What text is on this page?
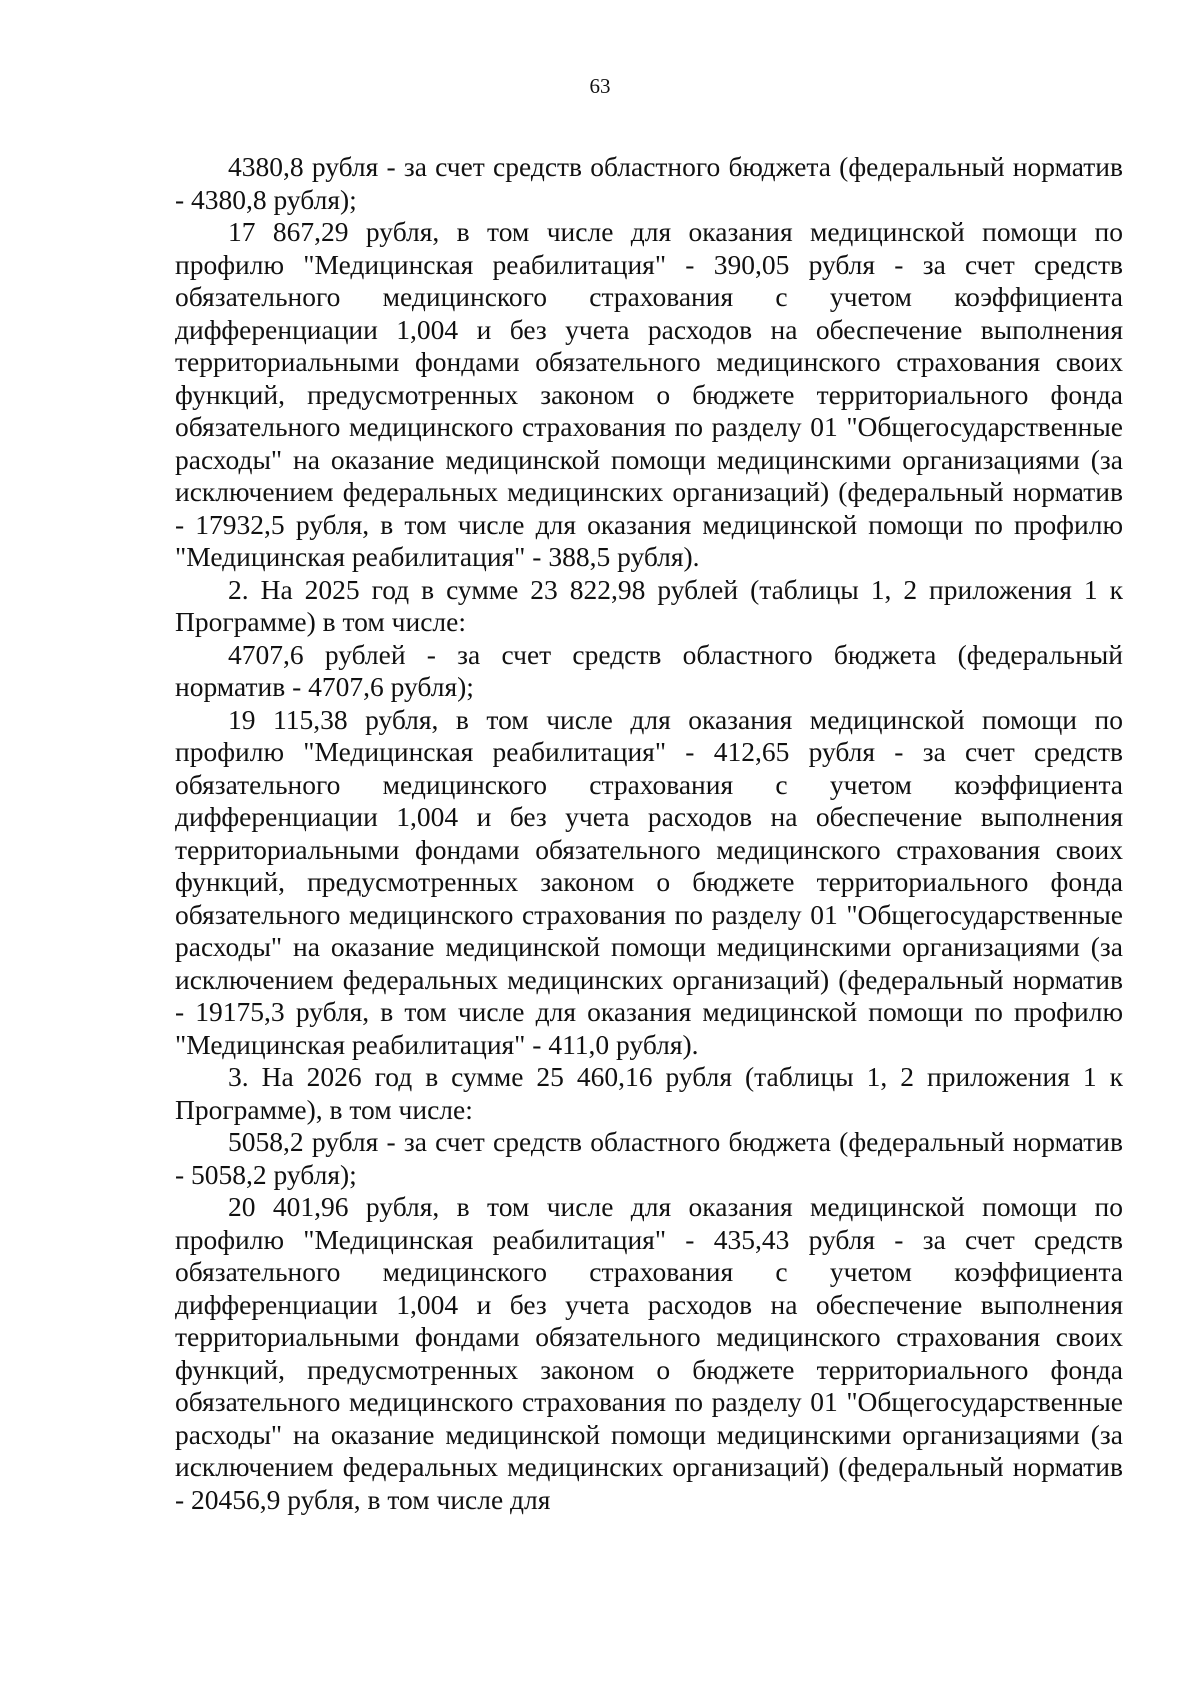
63

4380,8 рубля - за счет средств областного бюджета (федеральный норматив - 4380,8 рубля);

17 867,29 рубля, в том числе для оказания медицинской помощи по профилю "Медицинская реабилитация" - 390,05 рубля - за счет средств обязательного медицинского страхования с учетом коэффициента дифференциации 1,004 и без учета расходов на обеспечение выполнения территориальными фондами обязательного медицинского страхования своих функций, предусмотренных законом о бюджете территориального фонда обязательного медицинского страхования по разделу 01 "Общегосударственные расходы" на оказание медицинской помощи медицинскими организациями (за исключением федеральных медицинских организаций) (федеральный норматив - 17932,5 рубля, в том числе для оказания медицинской помощи по профилю "Медицинская реабилитация" - 388,5 рубля).

2. На 2025 год в сумме 23 822,98 рублей (таблицы 1, 2 приложения 1 к Программе) в том числе:

4707,6 рублей - за счет средств областного бюджета (федеральный норматив - 4707,6 рубля);

19 115,38 рубля, в том числе для оказания медицинской помощи по профилю "Медицинская реабилитация" - 412,65 рубля - за счет средств обязательного медицинского страхования с учетом коэффициента дифференциации 1,004 и без учета расходов на обеспечение выполнения территориальными фондами обязательного медицинского страхования своих функций, предусмотренных законом о бюджете территориального фонда обязательного медицинского страхования по разделу 01 "Общегосударственные расходы" на оказание медицинской помощи медицинскими организациями (за исключением федеральных медицинских организаций) (федеральный норматив - 19175,3 рубля, в том числе для оказания медицинской помощи по профилю "Медицинская реабилитация" - 411,0 рубля).

3. На 2026 год в сумме 25 460,16 рубля (таблицы 1, 2 приложения 1 к Программе), в том числе:

5058,2 рубля - за счет средств областного бюджета (федеральный норматив - 5058,2 рубля);

20 401,96 рубля, в том числе для оказания медицинской помощи по профилю "Медицинская реабилитация" - 435,43 рубля - за счет средств обязательного медицинского страхования с учетом коэффициента дифференциации 1,004 и без учета расходов на обеспечение выполнения территориальными фондами обязательного медицинского страхования своих функций, предусмотренных законом о бюджете территориального фонда обязательного медицинского страхования по разделу 01 "Общегосударственные расходы" на оказание медицинской помощи медицинскими организациями (за исключением федеральных медицинских организаций) (федеральный норматив - 20456,9 рубля, в том числе для
